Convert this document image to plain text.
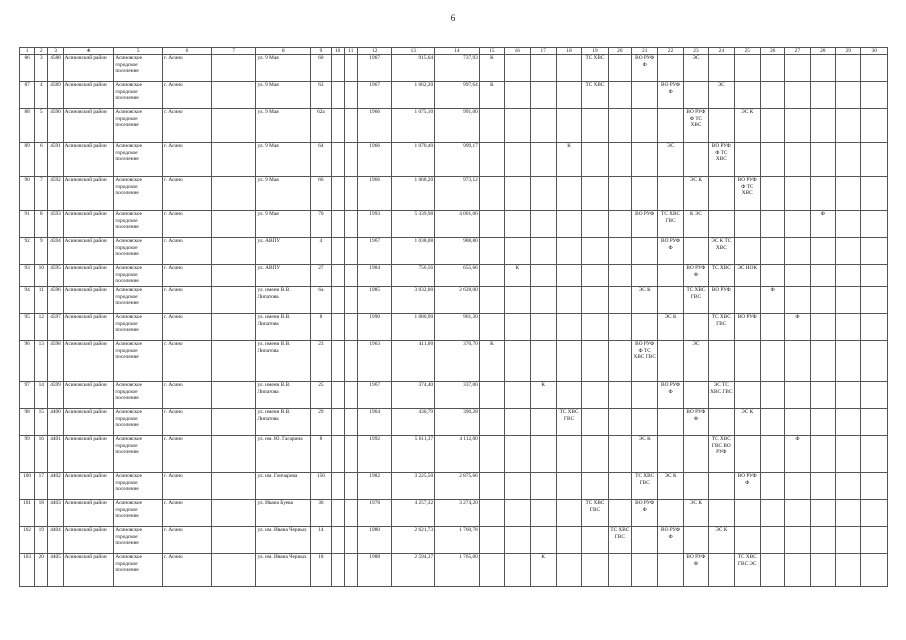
6
1	2	3	4	5	6	7	8	9	10	11	12	13	14	15	16	17	18	19	20	21	22	23	24	25	26	27	28	29	30
86	3	4588	Асиновский район	Асиновское городское поселение	г. Асино		ул. 9 Мая	60			1967	915,64	737,93	К				ТС ХВС		ВО РУФ Ф		ЭС							
87	4	4589	Асиновский район	Асиновское городское поселение	г. Асино		ул. 9 Мая	62			1967	1 062,20	997,64	К				ТС ХВС			ВО РУФ Ф		ЭС						
88	5	4590	Асиновский район	Асиновское городское поселение	г. Асино		ул. 9 Мая	62а			1966	1 075,10	991,00									ВО РУФ Ф ТС ХВС		ЭС К					
89	6	4591	Асиновский район	Асиновское городское поселение	г. Асино		ул. 9 Мая	64			1966	1 070,40	999,17				К				ЭС		ВО РУФ Ф ТС ХВС						
90	7	4592	Асиновский район	Асиновское городское поселение	г. Асино		ул. 9 Мая	66			1966	1 068,20	973,12									ЭС К		ВО РУФ Ф ТС ХВС					
91	8	4593	Асиновский район	Асиновское городское поселение	г. Асино		ул. 9 Мая	70			1993	5 339,98	4 001,06							ВО РУФ	ТС ХВС ГВС	К ЭС					Ф		
92	9	4594	Асиновский район	Асиновское городское поселение	г. Асино		ул. АВПУ	4			1967	1 038,08	988,80								ВО РУФ Ф		ЭС К ТС ХВС						
93	10	4595	Асиновский район	Асиновское городское поселение	г. Асино		ул. АВПУ	27			1984	756,56	655,66		К							ВО РУФ Ф	ТС ХВС	ЭС НОК					
94	11	4596	Асиновский район	Асиновское городское поселение	г. Асино		ул. имени В.В. Липатова	6а			1985	3 032,00	2 628,00							ЭС К		ТС ХВС ГВС	ВО РУФ		Ф				
95	12	4597	Асиновский район	Асиновское городское поселение	г. Асино		ул. имени В.В. Липатова	8			1990	1 080,90	961,30								ЭС К		ТС ХВС ГВС	ВО РУФ		Ф			
96	13	4598	Асиновский район	Асиновское городское поселение	г. Асино		ул. имени В.В. Липатова	23			1963	411,00	370,70	К						ВО РУФ Ф ТС ХВС ГВС		ЭС							
97	14	4599	Асиновский район	Асиновское городское поселение	г. Асино		ул. имени В.В. Липатова	25			1967	374,40	337,00			К					ВО РУФ Ф		ЭС ТС ХВС ГВС						
98	15	4400	Асиновский район	Асиновское городское поселение	г. Асино		ул. имени В.В. Липатова	29			1964	430,79	390,28				ТС ХВС ГВС					ВО РУФ Ф		ЭС К					
99	16	4401	Асиновский район	Асиновское городское поселение	г. Асино		ул. им. Ю. Гагарина	8			1992	5 611,37	4 112,00							ЭС К			ТС ХВС ГВС ВО РУФ			Ф			
100	17	4402	Асиновский район	Асиновское городское поселение	г. Асино		ул. им. Гончарова	156			1982	3 225,50	2 875,66							ТС ХВС ГВС	ЭС К			ВО РУФ Ф					
101	18	4403	Асиновский район	Асиновское городское поселение	г. Асино		ул. Ивана Буева	36			1978	4 257,32	3 274,20					ТС ХВС ГВС		ВО РУФ Ф		ЭС К							
102	19	4404	Асиновский район	Асиновское городское поселение	г. Асино		ул. им. Ивана Черных	14			1980	2 621,73	1 760,78						ТС ХВС ГВС		ВО РУФ Ф		ЭС К						
103	20	4405	Асиновский район	Асиновское городское поселение	г. Асино		ул. им. Ивана Черных	18			1988	2 594,37	1 765,00			К						ВО РУФ Ф		ТС ХВС ГВС ЭС					
